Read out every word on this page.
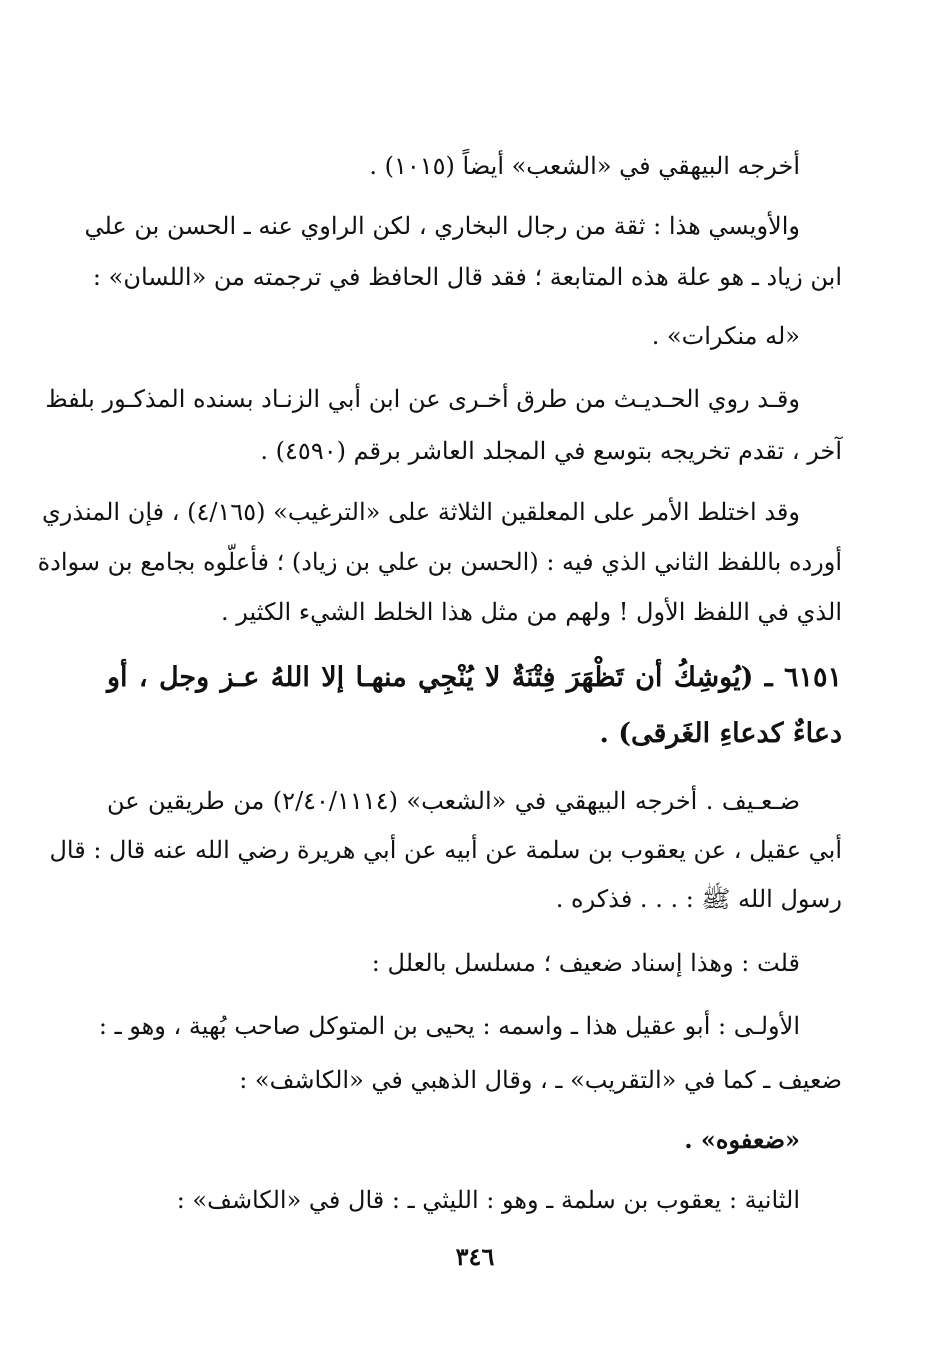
أخرجه البيهقي في «الشعب» أيضاً (١٠١٥) .
والأويسي هذا : ثقة من رجال البخاري ، لكن الراوي عنه ـ الحسن بن علي
ابن زياد ـ هو علة هذه المتابعة ؛ فقد قال الحافظ في ترجمته من «اللسان» :
«له منكرات» .
وقـد روي الحـديـث من طرق أخـرى عن ابن أبي الزنـاد بسنده المذكـور بلفظ
آخر ، تقدم تخريجه بتوسع في المجلد العاشر برقم (٤٥٩٠) .
وقد اختلط الأمر على المعلقين الثلاثة على «الترغيب» (٤/١٦٥) ، فإن المنذري
أورده باللفظ الثاني الذي فيه : (الحسن بن علي بن زياد) ؛ فأعلّوه بجامع بن سوادة
الذي في اللفظ الأول ! ولهم من مثل هذا الخلط الشيء الكثير .
٦١٥١ ـ (يُوشِكُ أن تَظْهَرَ فِتْنَةٌ لا يُنْجِي منهـا إلا اللهُ عـز وجل ، أو
دعاءٌ كدعاءِ الغَرقى) .
ضـعـيف . أخرجه البيهقي في «الشعب» (٢/٤٠/١١١٤) من طريقين عن
أبي عقيل ، عن يعقوب بن سلمة عن أبيه عن أبي هريرة رضي الله عنه قال : قال
رسول الله ﷺ : . . . فذكره .
قلت : وهذا إسناد ضعيف ؛ مسلسل بالعلل :
الأولـى : أبو عقيل هذا ـ واسمه : يحيى بن المتوكل صاحب بُهية ، وهو ـ :
ضعيف ـ كما في «التقريب» ـ ، وقال الذهبي في «الكاشف» :
«ضعفوه» .
الثانية : يعقوب بن سلمة ـ وهو : الليثي ـ : قال في «الكاشف» :
٣٤٦
